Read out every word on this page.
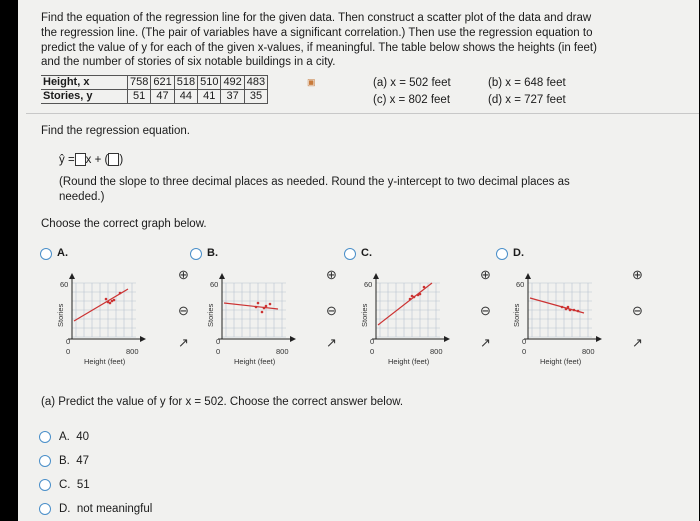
Find the equation of the regression line for the given data. Then construct a scatter plot of the data and draw
the regression line. (The pair of variables have a significant correlation.) Then use the regression equation to
predict the value of y for each of the given x-values, if meaningful. The table below shows the heights (in feet)
and the number of stories of six notable buildings in a city.
Height, x	758	621	518	510	492	483
Stories, y	51	47	44	41	37	35
▣	(a) x = 502 feet	(b) x = 648 feet
(c) x = 802 feet	(d) x = 727 feet
Find the regression equation.
ŷ = x + ( )
(Round the slope to three decimal places as needed. Round the y-intercept to two decimal places as
needed.)
Choose the correct graph below.
A.
60
0
0	800
Height (feet)
Stories
⊕
⊖
↗
B.
60
0
0	800
Height (feet)
Stories
⊕
⊖
↗
C.
60
0
0	800
Height (feet)
Stories
⊕
⊖
↗
D.
60
0
0	800
Height (feet)
Stories
⊕
⊖
↗
(a) Predict the value of y for x = 502. Choose the correct answer below.
A. 40
B. 47
C. 51
D. not meaningful
